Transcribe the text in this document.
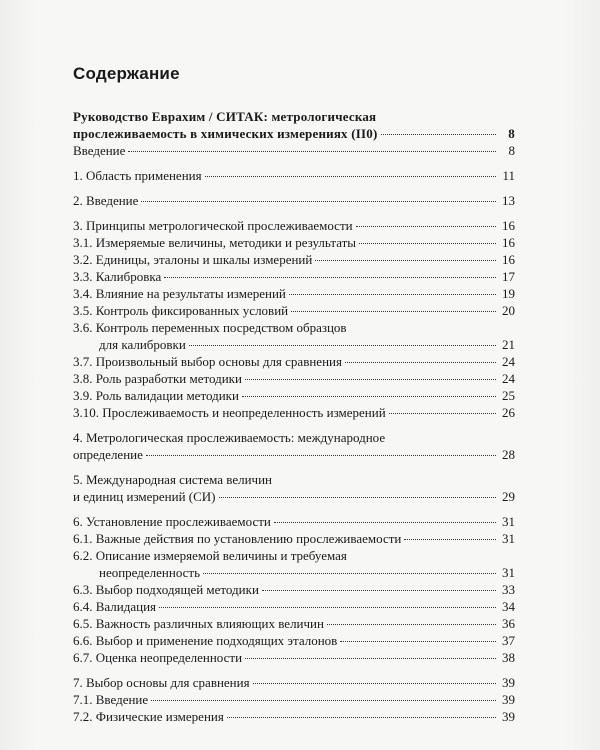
Содержание
Руководство Евраxим / СИТАК: метрологическая
прослеживаемость в химических измерениях (II0)	8
Введение	8
1. Область применения	11
2. Введение	13
3. Принципы метрологической прослеживаемости	16
3.1. Измеряемые величины, методики и результаты	16
3.2. Единицы, эталоны и шкалы измерений	16
3.3. Калибровка	17
3.4. Влияние на результаты измерений	19
3.5. Контроль фиксированных условий	20
3.6. Контроль переменных посредством образцов
для калибровки	21
3.7. Произвольный выбор основы для сравнения	24
3.8. Роль разработки методики	24
3.9. Роль валидации методики	25
3.10. Прослеживаемость и неопределенность измерений	26
4. Метрологическая прослеживаемость: международное
определение	28
5. Международная система величин
и единиц измерений (СИ)	29
6. Установление прослеживаемости	31
6.1. Важные действия по установлению прослеживаемости	31
6.2. Описание измеряемой величины и требуемая
неопределенность	31
6.3. Выбор подходящей методики	33
6.4. Валидация	34
6.5. Важность различных влияющих величин	36
6.6. Выбор и применение подходящих эталонов	37
6.7. Оценка неопределенности	38
7. Выбор основы для сравнения	39
7.1. Введение	39
7.2. Физические измерения	39
